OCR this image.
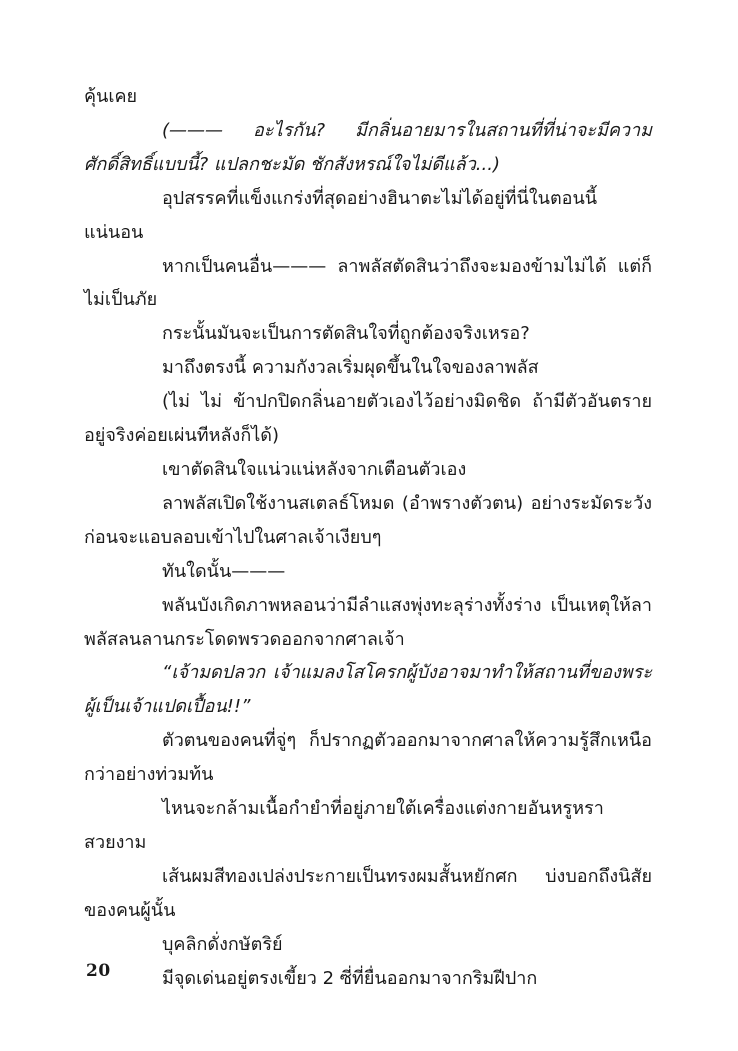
คุ้นเคย

(——— อะไรกัน? มีกลิ่นอายมารในสถานที่ที่น่าจะมีความศักดิ์สิทธิ์แบบนี้? แปลกชะมัด ชักสังหรณ์ใจไม่ดีแล้ว...)

อุปสรรคที่แข็งแกร่งที่สุดอย่างฮินาตะไม่ได้อยู่ที่นี่ในตอนนี้แน่นอน

หากเป็นคนอื่น——— ลาพลัสตัดสินว่าถึงจะมองข้ามไม่ได้ แต่ก็ไม่เป็นภัย

กระนั้นมันจะเป็นการตัดสินใจที่ถูกต้องจริงเหรอ?

มาถึงตรงนี้ ความกังวลเริ่มผุดขึ้นในใจของลาพลัส

(ไม่ ไม่ ข้าปกปิดกลิ่นอายตัวเองไว้อย่างมิดชิด ถ้ามีตัวอันตรายอยู่จริงค่อยเผ่นทีหลังก็ได้)

เขาตัดสินใจแน่วแน่หลังจากเตือนตัวเอง

ลาพลัสเปิดใช้งานสเตลธ์โหมด (อำพรางตัวตน) อย่างระมัดระวังก่อนจะแอบลอบเข้าไปในศาลเจ้าเงียบๆ

ทันใดนั้น———

พลันบังเกิดภาพหลอนว่ามีลำแสงพุ่งทะลุร่างทั้งร่าง เป็นเหตุให้ลาพลัสลนลานกระโดดพรวดออกจากศาลเจ้า

“เจ้ามดปลวก เจ้าแมลงโสโครกผู้บังอาจมาทำให้สถานที่ของพระผู้เป็นเจ้าแปดเปื้อน!!”

ตัวตนของคนที่จู่ๆ ก็ปรากฏตัวออกมาจากศาลให้ความรู้สึกเหนือกว่าอย่างท่วมท้น

ไหนจะกล้ามเนื้อกำยำที่อยู่ภายใต้เครื่องแต่งกายอันหรูหราสวยงาม

เส้นผมสีทองเปล่งประกายเป็นทรงผมสั้นหยักศก บ่งบอกถึงนิสัยของคนผู้นั้น

บุคลิกดั่งกษัตริย์

มีจุดเด่นอยู่ตรงเขี้ยว 2 ซี่ที่ยื่นออกมาจากริมฝีปาก

20
